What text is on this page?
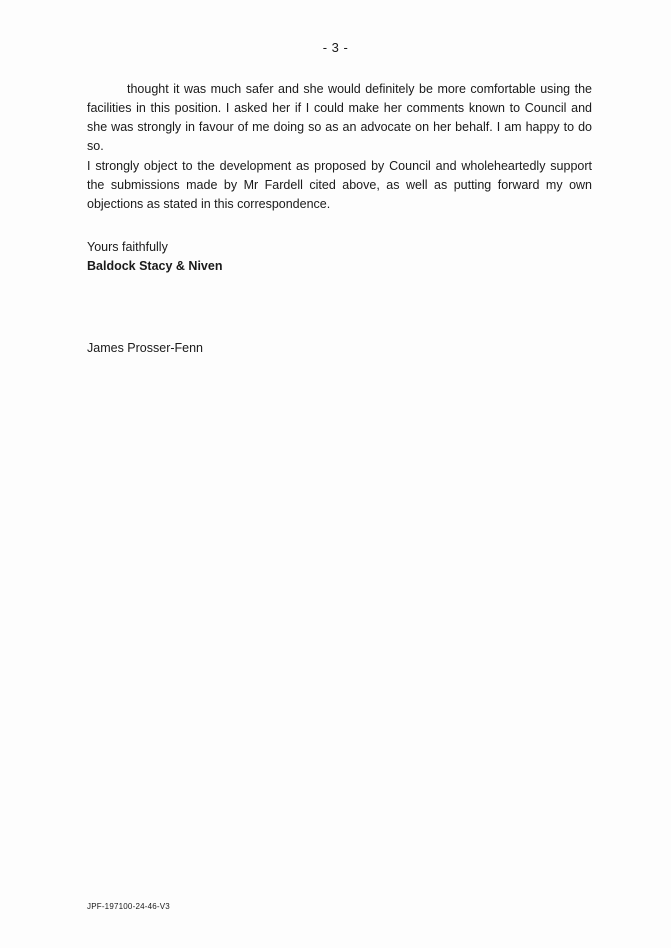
- 3 -

thought it was much safer and she would definitely be more comfortable using the facilities in this position. I asked her if I could make her comments known to Council and she was strongly in favour of me doing so as an advocate on her behalf. I am happy to do so.

I strongly object to the development as proposed by Council and wholeheartedly support the submissions made by Mr Fardell cited above, as well as putting forward my own objections as stated in this correspondence.

Yours faithfully
Baldock Stacy & Niven
James Prosser-Fenn
JPF-197100-24-46-V3
